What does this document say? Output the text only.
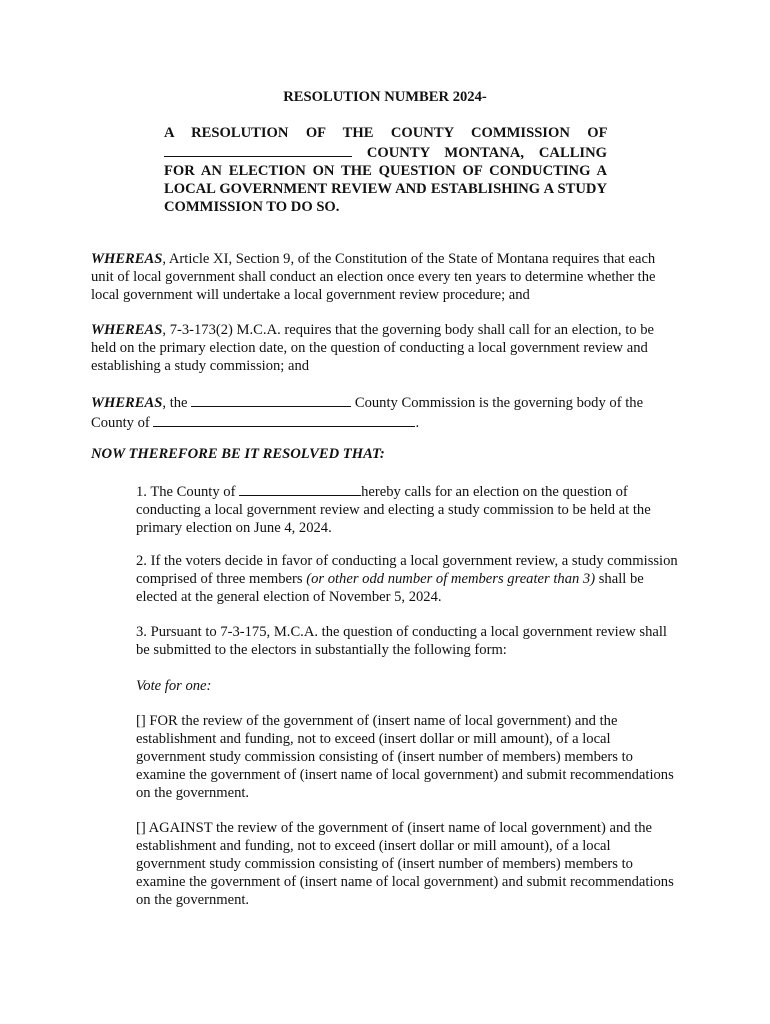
RESOLUTION NUMBER 2024-
A RESOLUTION OF THE COUNTY COMMISSION OF  COUNTY MONTANA, CALLING FOR AN ELECTION ON THE QUESTION OF CONDUCTING A LOCAL GOVERNMENT REVIEW AND ESTABLISHING A STUDY COMMISSION TO DO SO.

WHEREAS, Article XI, Section 9, of the Constitution of the State of Montana requires that each unit of local government shall conduct an election once every ten years to determine whether the local government will undertake a local government review procedure; and

WHEREAS, 7-3-173(2) M.C.A. requires that the governing body shall call for an election, to be held on the primary election date, on the question of conducting a local government review and establishing a study commission; and

WHEREAS, the	County Commission is the governing body of the County of	.

NOW THEREFORE BE IT RESOLVED THAT:

1. The County of	hereby calls for an election on the question of conducting a local government review and electing a study commission to be held at the primary election on June 4, 2024.

2. If the voters decide in favor of conducting a local government review, a study commission comprised of three members (or other odd number of members greater than 3) shall be elected at the general election of November 5, 2024.

3. Pursuant to 7-3-175, M.C.A. the question of conducting a local government review shall be submitted to the electors in substantially the following form:

Vote for one:

[] FOR the review of the government of (insert name of local government) and the establishment and funding, not to exceed (insert dollar or mill amount), of a local government study commission consisting of (insert number of members) members to examine the government of (insert name of local government) and submit recommendations on the government.

[] AGAINST the review of the government of (insert name of local government) and the establishment and funding, not to exceed (insert dollar or mill amount), of a local government study commission consisting of (insert number of members) members to examine the government of (insert name of local government) and submit recommendations on the government.
